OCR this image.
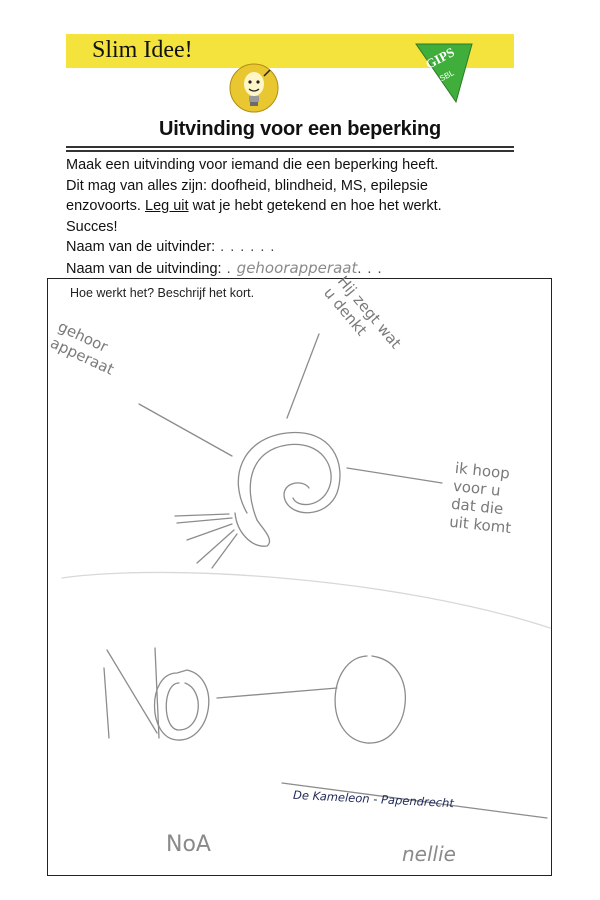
Slim Idee!	GIPS
SBL
Uitvinding voor een beperking
Maak een uitvinding voor iemand die een beperking heeft.
Dit mag van alles zijn: doofheid, blindheid, MS, epilepsie
enzovoorts. Leg uit wat je hebt getekend en hoe het werkt.
Succes!
Naam van de uitvinder: . . . . . .
Naam van de uitvinding: . gehoorapperaat. . .
Hoe werkt het? Beschrijf het kort.
gehoor
apperaat
Hij zegt wat
u denkt
ik hoop
voor u
dat die
uit komt
De Kameleon - Papendrecht
NoA	nellie
